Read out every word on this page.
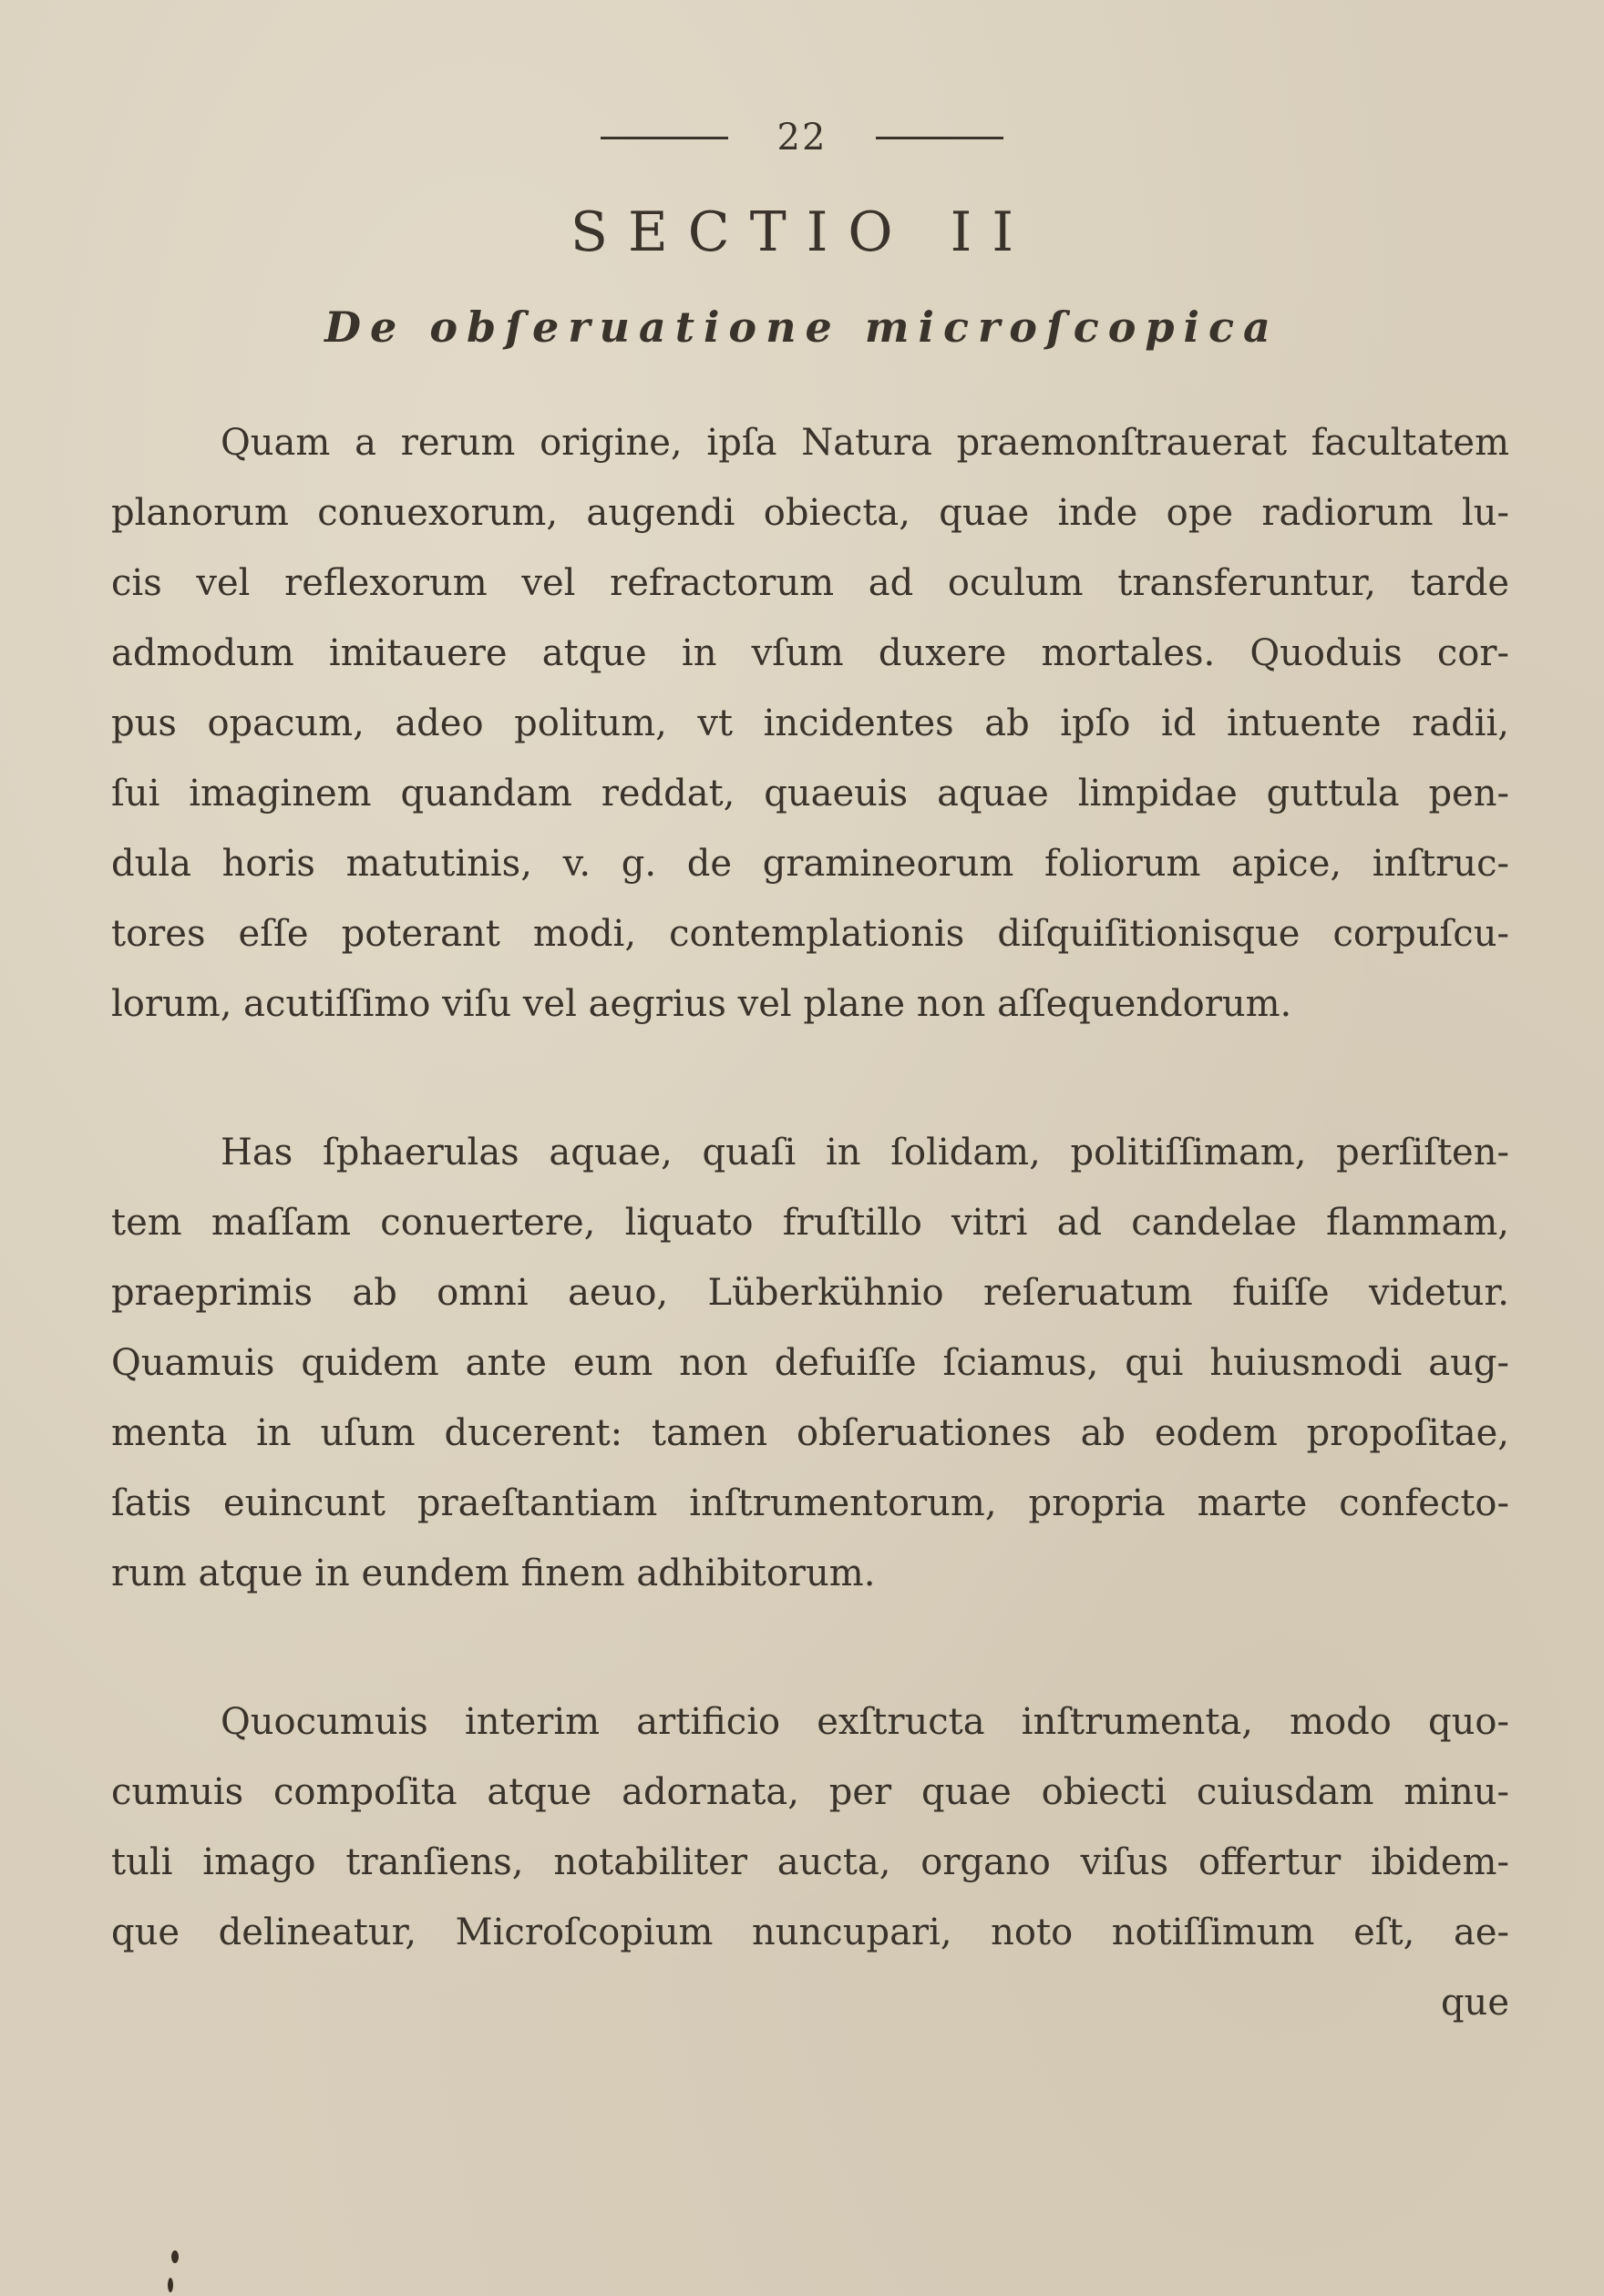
22
SECTIO II
De obſeruatione microſcopica

Quam a rerum origine, ipſa Natura praemonſtrauerat facultatem
planorum conuexorum, augendi obiecta, quae inde ope radiorum lu-
cis vel reflexorum vel refractorum ad oculum transferuntur, tarde
admodum imitauere atque in vſum duxere mortales. Quoduis cor-
pus opacum, adeo politum, vt incidentes ab ipſo id intuente radii,
ſui imaginem quandam reddat, quaeuis aquae limpidae guttula pen-
dula horis matutinis, v. g. de gramineorum foliorum apice, inſtruc-
tores eſſe poterant modi, contemplationis diſquiſitionisque corpuſcu-
lorum, acutiſſimo viſu vel aegrius vel plane non aſſequendorum.

Has ſphaerulas aquae, quaſi in ſolidam, politiſſimam, perſiſten-
tem maſſam conuertere, liquato fruſtillo vitri ad candelae flammam,
praeprimis ab omni aeuo, Lüberkühnio reſeruatum fuiſſe videtur.
Quamuis quidem ante eum non defuiſſe ſciamus, qui huiusmodi aug-
menta in uſum ducerent: tamen obſeruationes ab eodem propoſitae,
ſatis euincunt praeſtantiam inſtrumentorum, propria marte confecto-
rum atque in eundem finem adhibitorum.

Quocumuis interim artificio exſtructa inſtrumenta, modo quo-
cumuis compoſita atque adornata, per quae obiecti cuiusdam minu-
tuli imago tranſiens, notabiliter aucta, organo viſus offertur ibidem-
que delineatur, Microſcopium nuncupari, noto notiſſimum eſt, ae-
que
